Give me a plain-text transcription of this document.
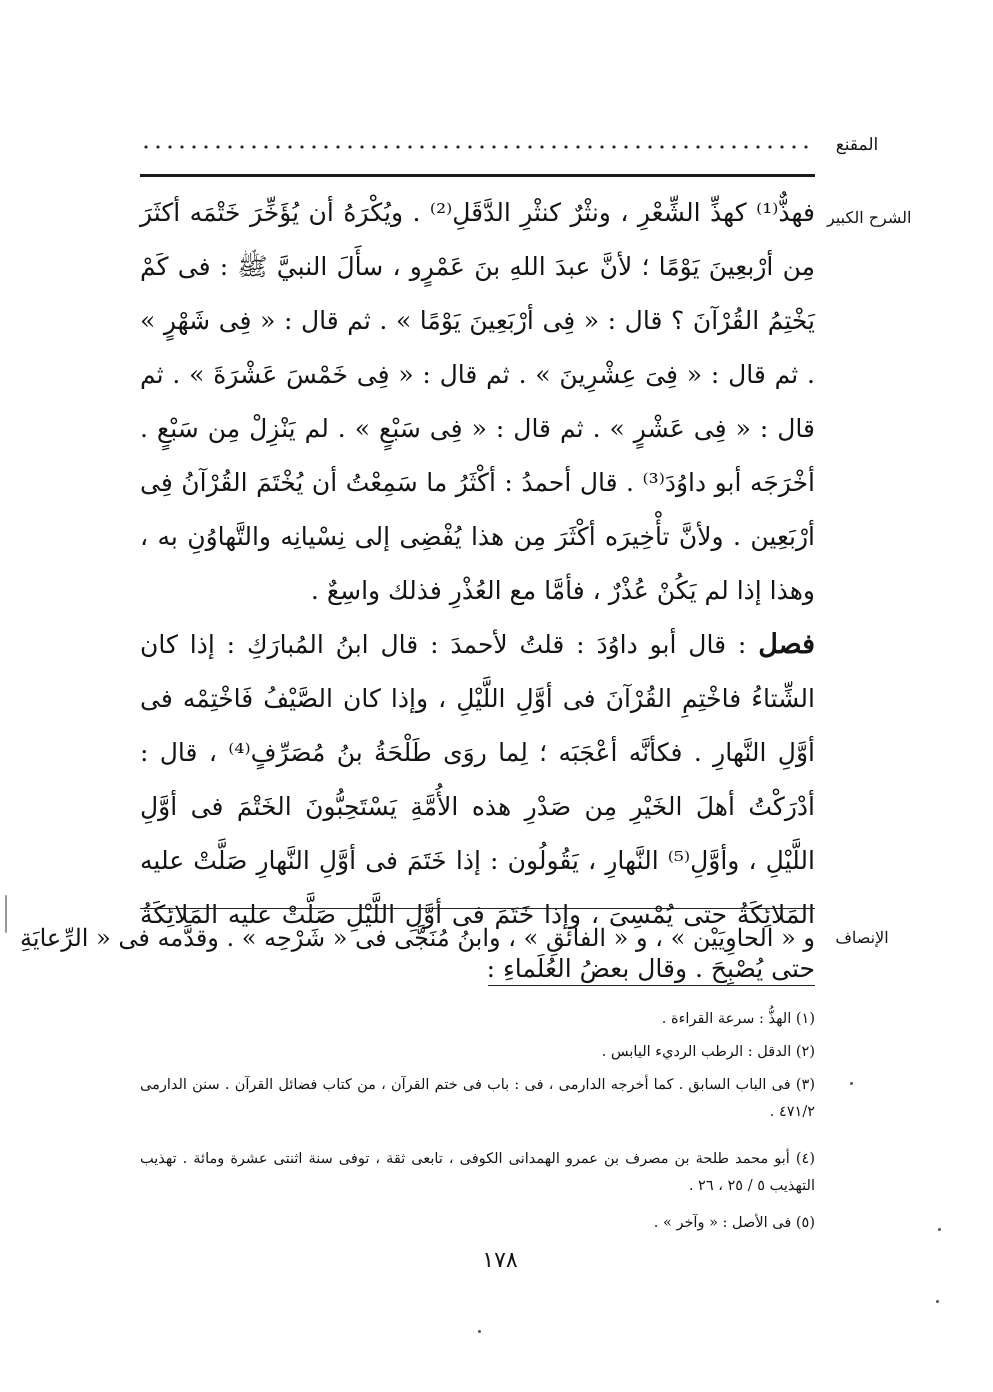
المقنع
الشرح الكبير
الإنصاف

فهذٌّ⁽¹⁾ كهذِّ الشِّعْرِ ، ونثْرٌ كنثْرِ الدَّقَلِ⁽²⁾ . ويُكْرَهُ أن يُؤَخِّرَ خَتْمَه أكثَرَ مِن أرْبعِينَ يَوْمًا ؛ لأنَّ عبدَ اللهِ بنَ عَمْرٍو ، سأَلَ النبيَّ ﷺ : فى كَمْ يَخْتِمُ القُرْآنَ ؟ قال : « فِى أرْبَعِينَ يَوْمًا » . ثم قال : « فِى شَهْرٍ » . ثم قال : « فِىَ عِشْرِينَ » . ثم قال : « فِى خَمْسَ عَشْرَةَ » . ثم قال : « فِى عَشْرٍ » . ثم قال : « فِى سَبْعٍ » . لم يَنْزِلْ مِن سَبْعٍ . أخْرَجَه أبو داوُدَ⁽³⁾ . قال أحمدُ : أكْثَرُ ما سَمِعْتُ أن يُخْتَمَ القُرْآنُ فِى أرْبَعِين . ولأنَّ تأْخِيرَه أكْثَرَ مِن هذا يُفْضِى إلى نِسْيانِه والتَّهاوُنِ به ، وهذا إذا لم يَكُنْ عُذْرٌ ، فأمَّا مع العُذْرِ فذلك واسِعٌ .

فصل : قال أبو داوُدَ : قلتُ لأحمدَ : قال ابنُ المُبارَكِ : إذا كان الشِّتاءُ فاخْتِمِ القُرْآنَ فى أوَّلِ اللَّيْلِ ، وإذا كان الصَّيْفُ فَاخْتِمْه فى أوَّلِ النَّهارِ . فكأنَّه أعْجَبَه ؛ لِما روَى طَلْحَةُ بنُ مُصَرِّفٍ⁽⁴⁾ ، قال : أدْرَكْتُ أهلَ الخَيْرِ مِن صَدْرِ هذه الأُمَّةِ يَسْتَحِبُّونَ الخَتْمَ فى أوَّلِ اللَّيْلِ ، وأوَّلِ⁽⁵⁾ النَّهارِ ، يَقُولُون : إذا خَتَمَ فى أوَّلِ النَّهارِ صَلَّتْ عليه المَلائِكَةُ حتى يُمْسِىَ ، وإذا خَتَمَ فى أوَّلِ اللَّيْلِ صَلَّتْ عليه المَلائِكَةُ حتى يُصْبِحَ . وقال بعضُ العُلَماءِ :

و « الحاوِيَيْن » ، و « الفائقِ » ، وابنُ مُنَجَّى فى « شَرْحِه » . وقدَّمه فى « الرِّعايَةِ
(١) الهذُّ : سرعة القراءة .
(٢) الدقل : الرطب الرديء اليابس .
(٣) فى الباب السابق . كما أخرجه الدارمى ، فى : باب فى ختم القرآن ، من كتاب فضائل القرآن . سنن الدارمى ٤٧١/٢ .
(٤) أبو محمد طلحة بن مصرف بن عمرو الهمدانى الكوفى ، تابعى ثقة ، توفى سنة اثنتى عشرة ومائة . تهذيب التهذيب ٥ / ٢٥ ، ٢٦ .
(٥) فى الأصل : « وآخر » .
١٧٨
